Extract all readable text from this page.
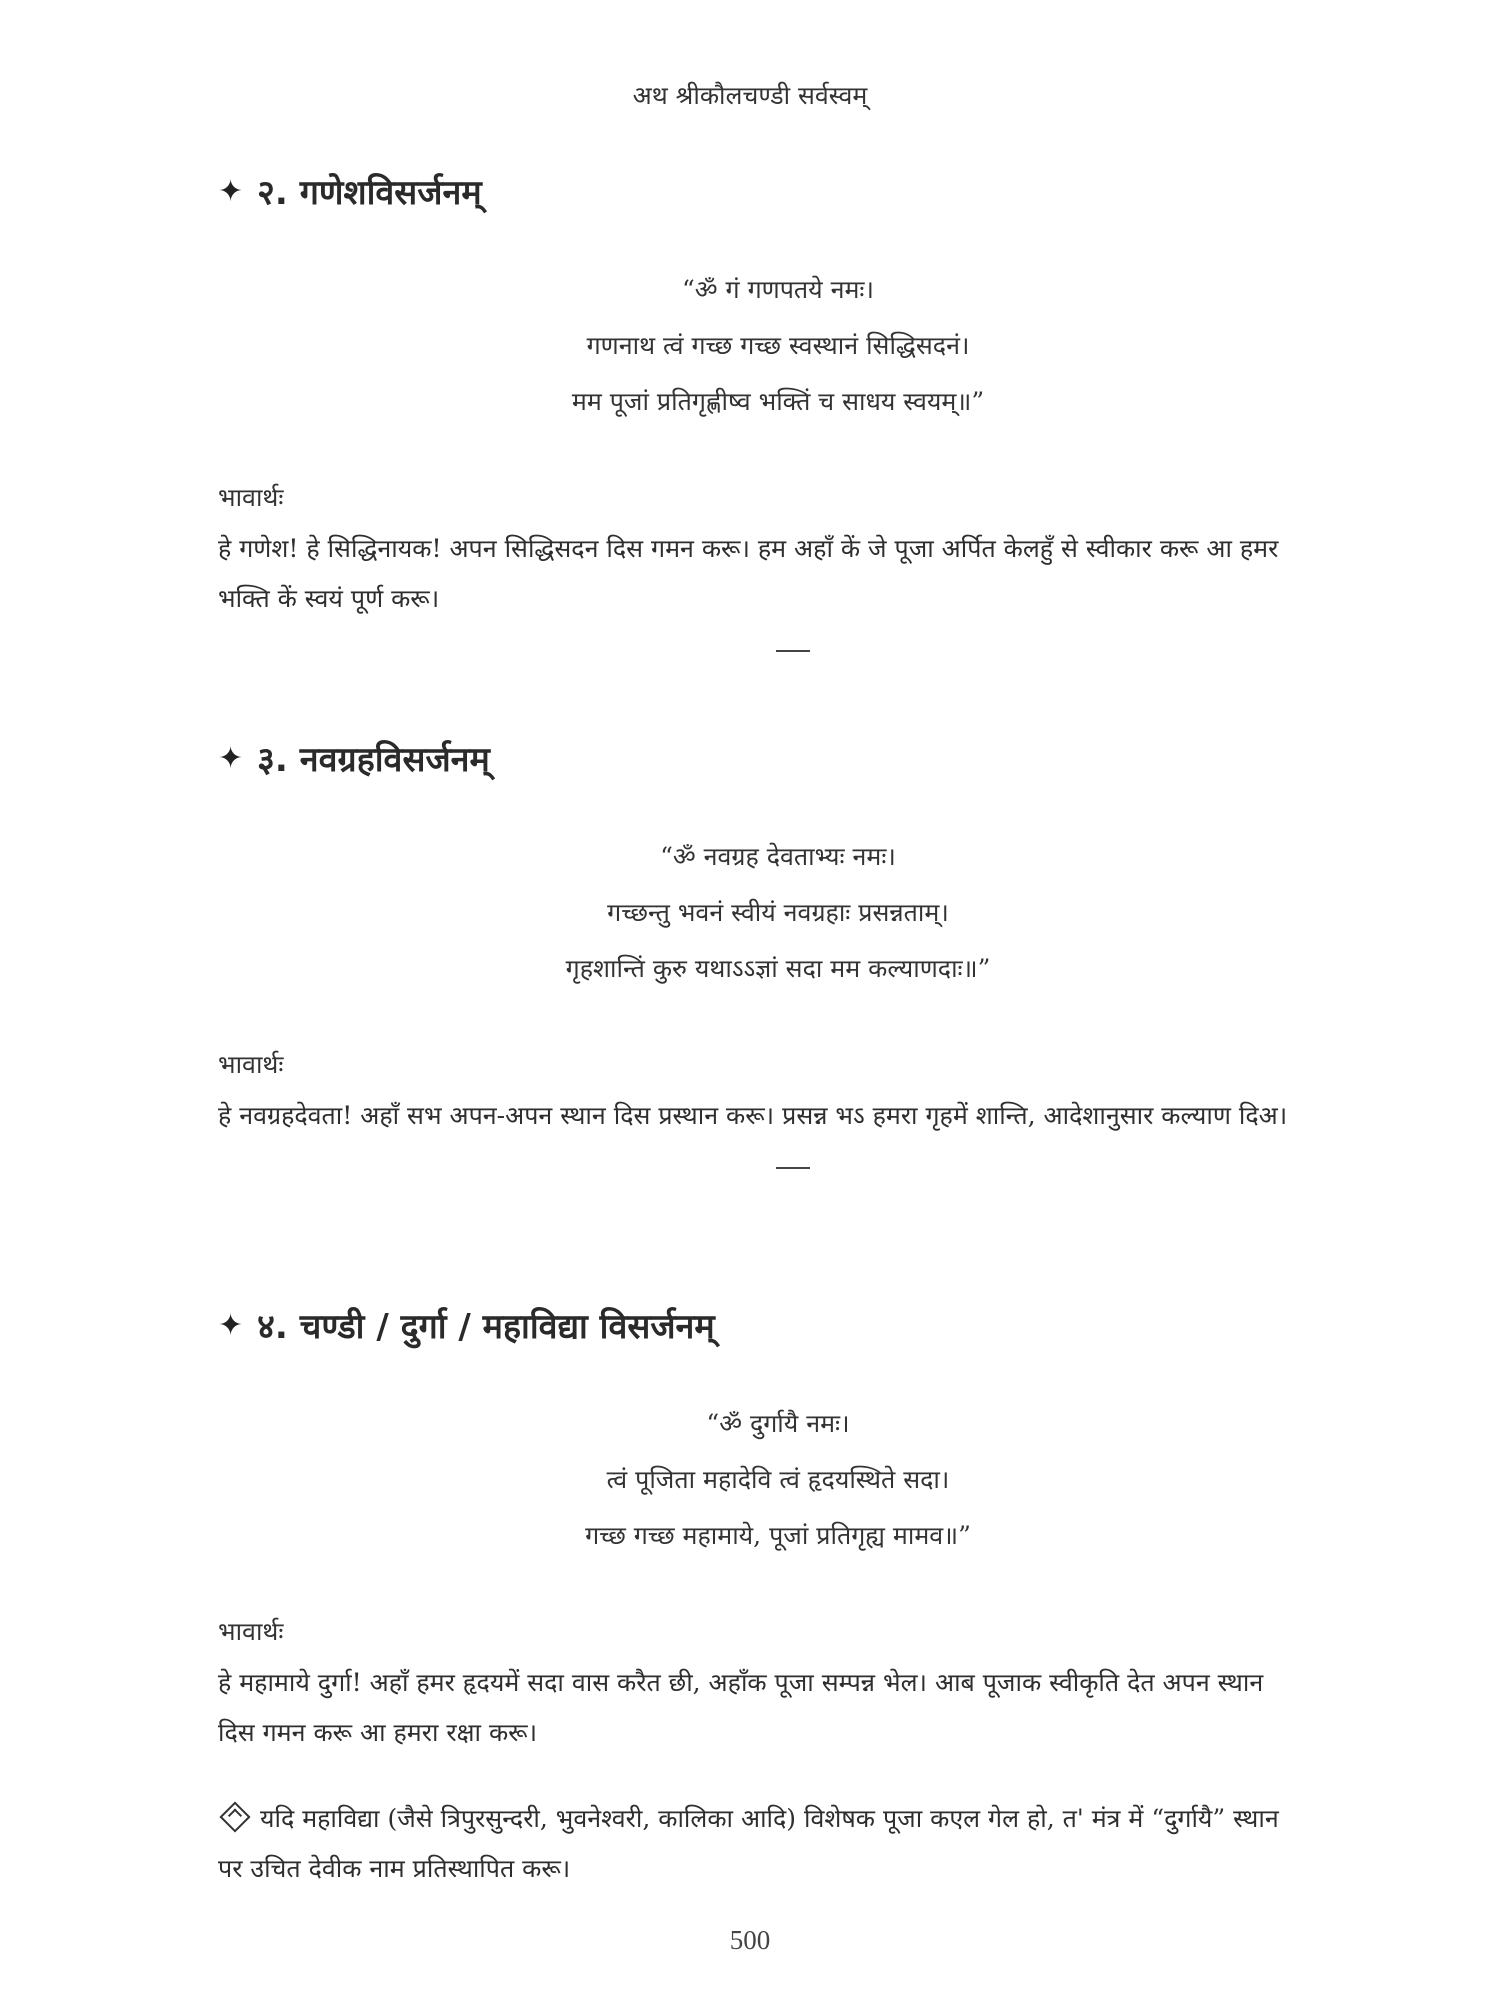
अथ श्रीकौलचण्डी सर्वस्वम्
✦ २. गणेशविसर्जनम्
“ॐ गं गणपतये नमः।
गणनाथ त्वं गच्छ गच्छ स्वस्थानं सिद्धिसदनं।
मम पूजां प्रतिगृह्णीष्व भक्तिं च साधय स्वयम्॥”
भावार्थः
हे गणेश! हे सिद्धिनायक! अपन सिद्धिसदन दिस गमन करू। हम अहाँ कें जे पूजा अर्पित केलहुँ से स्वीकार करू आ हमर भक्ति कें स्वयं पूर्ण करू।
✦ ३. नवग्रहविसर्जनम्
“ॐ नवग्रह देवताभ्यः नमः।
गच्छन्तु भवनं स्वीयं नवग्रहाः प्रसन्नताम्।
गृहशान्तिं कुरु यथाऽऽज्ञां सदा मम कल्याणदाः॥”
भावार्थः
हे नवग्रहदेवता! अहाँ सभ अपन-अपन स्थान दिस प्रस्थान करू। प्रसन्न भऽ हमरा गृहमें शान्ति, आदेशानुसार कल्याण दिअ।
✦ ४. चण्डी / दुर्गा / महाविद्या विसर्जनम्
“ॐ दुर्गायै नमः।
त्वं पूजिता महादेवि त्वं हृदयस्थिते सदा।
गच्छ गच्छ महामाये, पूजां प्रतिगृह्य मामव॥”
भावार्थः
हे महामाये दुर्गा! अहाँ हमर हृदयमें सदा वास करैत छी, अहाँक पूजा सम्पन्न भेल। आब पूजाक स्वीकृति देत अपन स्थान दिस गमन करू आ हमरा रक्षा करू।
यदि महाविद्या (जैसे त्रिपुरसुन्दरी, भुवनेश्वरी, कालिका आदि) विशेषक पूजा कएल गेल हो, त' मंत्र में “दुर्गायै” स्थान पर उचित देवीक नाम प्रतिस्थापित करू।
500
